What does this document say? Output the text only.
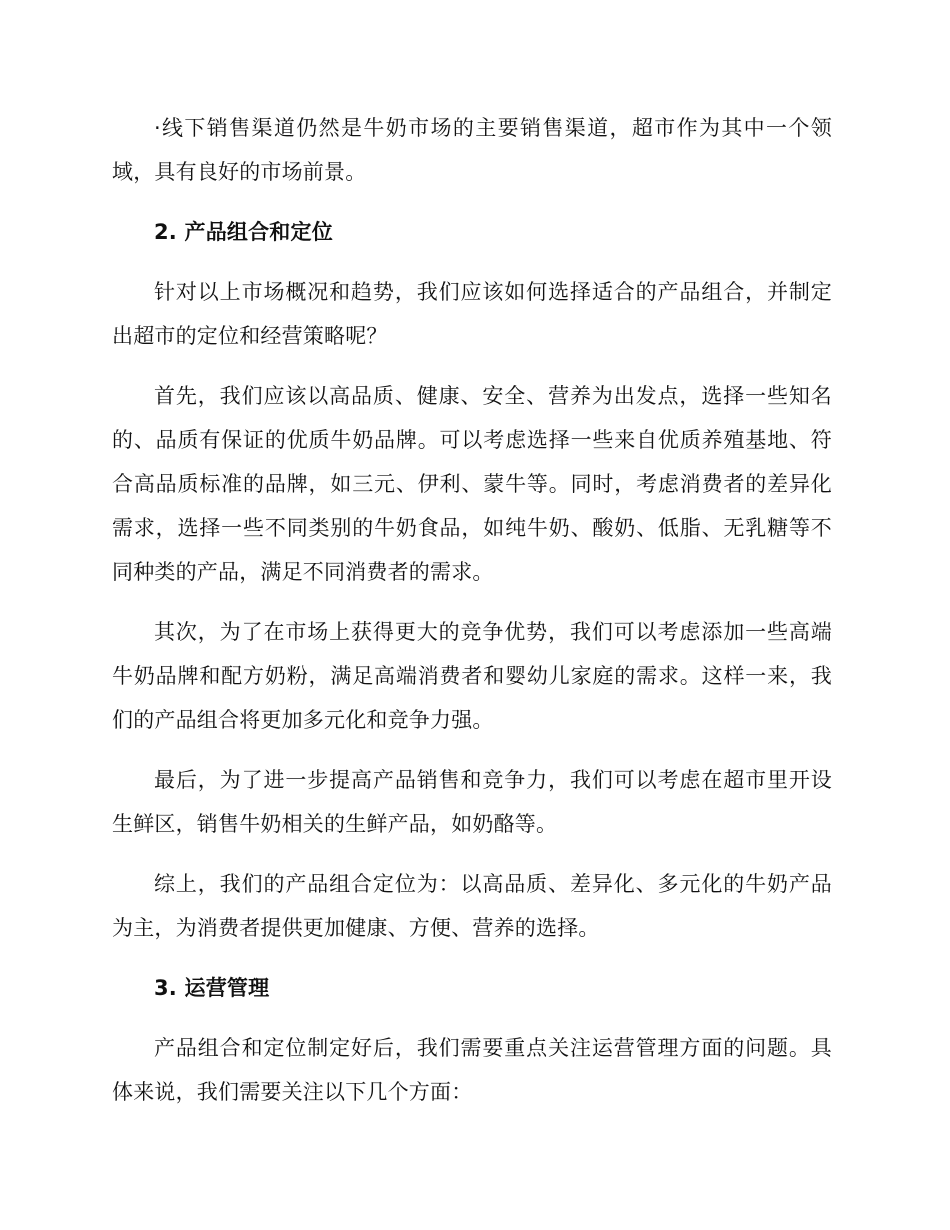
·线下销售渠道仍然是牛奶市场的主要销售渠道，超市作为其中一个领域，具有良好的市场前景。

2. 产品组合和定位

针对以上市场概况和趋势，我们应该如何选择适合的产品组合，并制定出超市的定位和经营策略呢？

首先，我们应该以高品质、健康、安全、营养为出发点，选择一些知名的、品质有保证的优质牛奶品牌。可以考虑选择一些来自优质养殖基地、符合高品质标准的品牌，如三元、伊利、蒙牛等。同时，考虑消费者的差异化需求，选择一些不同类别的牛奶食品，如纯牛奶、酸奶、低脂、无乳糖等不同种类的产品，满足不同消费者的需求。

其次，为了在市场上获得更大的竞争优势，我们可以考虑添加一些高端牛奶品牌和配方奶粉，满足高端消费者和婴幼儿家庭的需求。这样一来，我们的产品组合将更加多元化和竞争力强。

最后，为了进一步提高产品销售和竞争力，我们可以考虑在超市里开设生鲜区，销售牛奶相关的生鲜产品，如奶酪等。

综上，我们的产品组合定位为：以高品质、差异化、多元化的牛奶产品为主，为消费者提供更加健康、方便、营养的选择。

3. 运营管理

产品组合和定位制定好后，我们需要重点关注运营管理方面的问题。具体来说，我们需要关注以下几个方面：
